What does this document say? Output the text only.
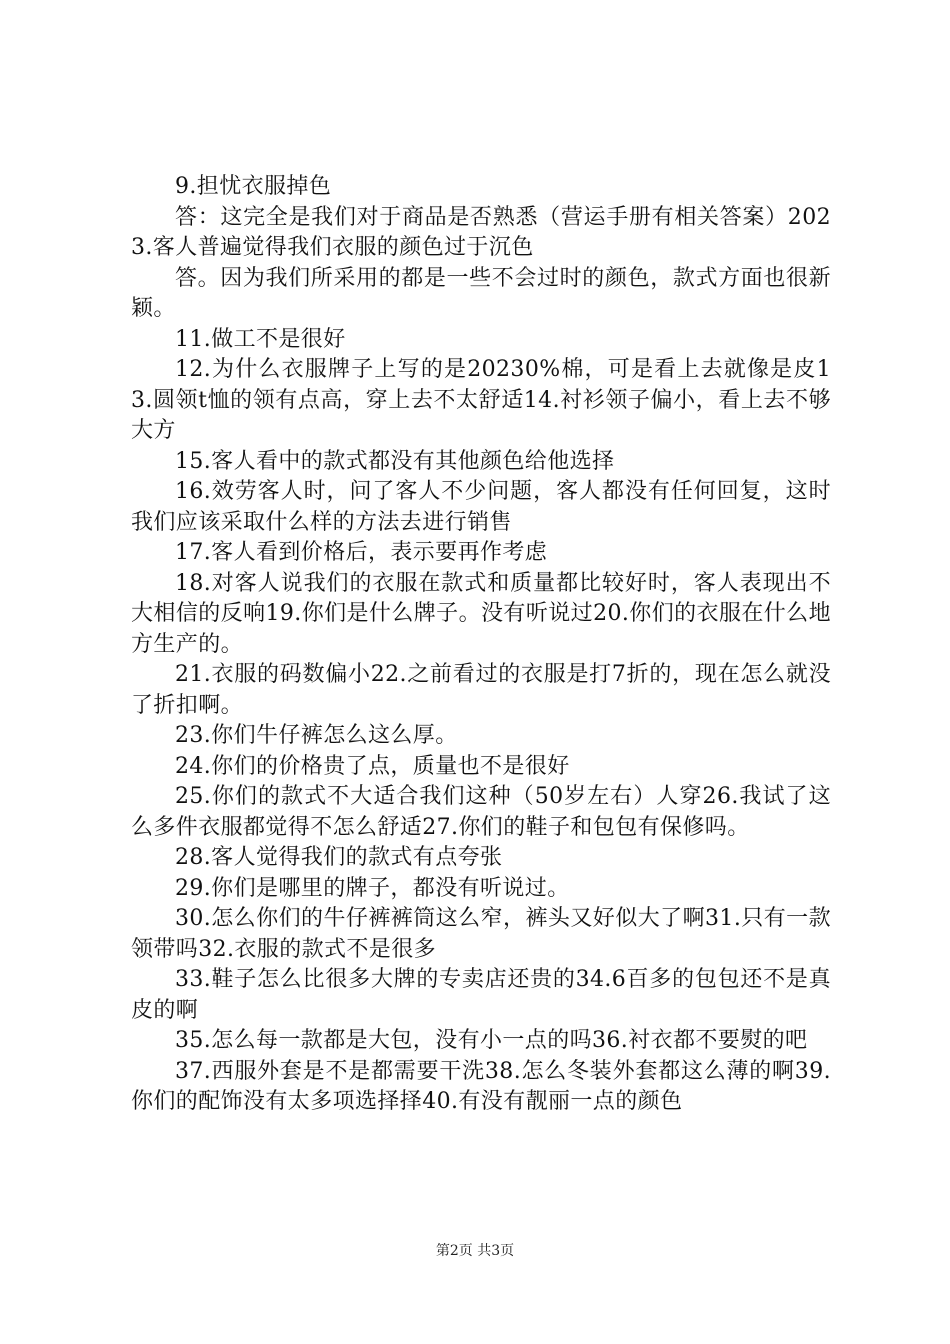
9.担忧衣服掉色

答：这完全是我们对于商品是否熟悉（营运手册有相关答案）2023.客人普遍觉得我们衣服的颜色过于沉色

答。因为我们所采用的都是一些不会过时的颜色，款式方面也很新颖。

11.做工不是很好

12.为什么衣服牌子上写的是20230%棉，可是看上去就像是皮13.圆领t恤的领有点高，穿上去不太舒适14.衬衫领子偏小，看上去不够大方

15.客人看中的款式都没有其他颜色给他选择

16.效劳客人时，问了客人不少问题，客人都没有任何回复，这时我们应该采取什么样的方法去进行销售

17.客人看到价格后，表示要再作考虑

18.对客人说我们的衣服在款式和质量都比较好时，客人表现出不大相信的反响19.你们是什么牌子。没有听说过20.你们的衣服在什么地方生产的。

21.衣服的码数偏小22.之前看过的衣服是打7折的，现在怎么就没了折扣啊。

23.你们牛仔裤怎么这么厚。

24.你们的价格贵了点，质量也不是很好

25.你们的款式不大适合我们这种（50岁左右）人穿26.我试了这么多件衣服都觉得不怎么舒适27.你们的鞋子和包包有保修吗。

28.客人觉得我们的款式有点夸张

29.你们是哪里的牌子，都没有听说过。

30.怎么你们的牛仔裤裤筒这么窄，裤头又好似大了啊31.只有一款领带吗32.衣服的款式不是很多

33.鞋子怎么比很多大牌的专卖店还贵的34.6百多的包包还不是真皮的啊

35.怎么每一款都是大包，没有小一点的吗36.衬衣都不要熨的吧

37.西服外套是不是都需要干洗38.怎么冬装外套都这么薄的啊39.你们的配饰没有太多项选择择40.有没有靓丽一点的颜色

第2页 共3页
